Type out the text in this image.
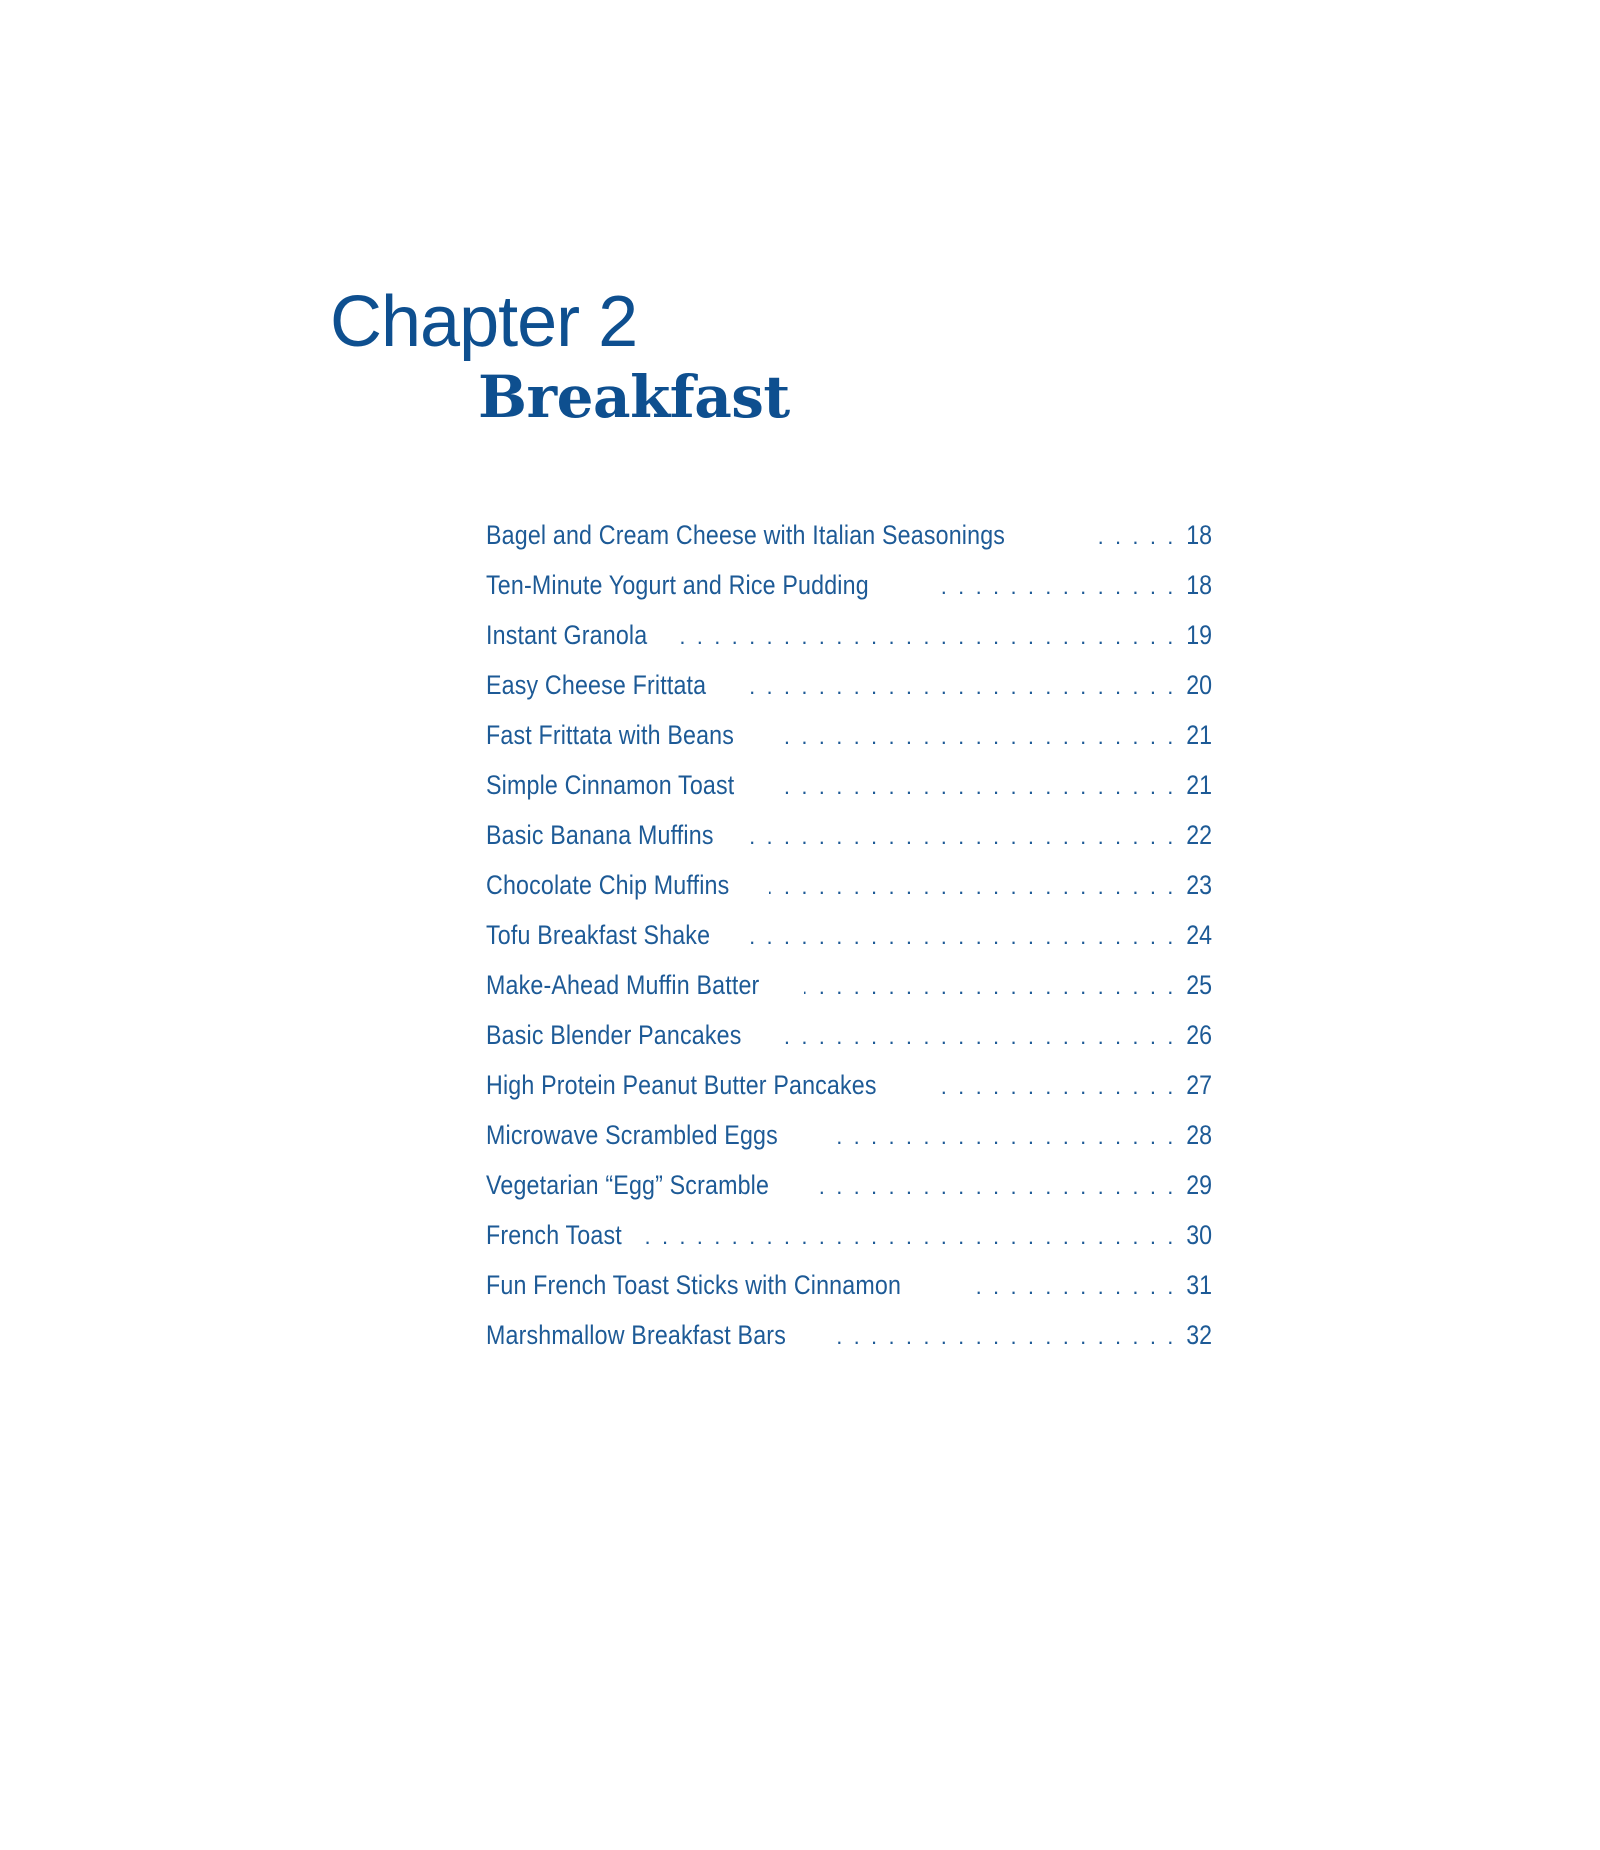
Chapter 2
Breakfast
Bagel and Cream Cheese with Italian Seasonings . . .	18
Ten-Minute Yogurt and Rice Pudding . . .	18
Instant Granola . . .	19
Easy Cheese Frittata . . .	20
Fast Frittata with Beans . . .	21
Simple Cinnamon Toast . . .	21
Basic Banana Muffins . . .	22
Chocolate Chip Muffins . . .	23
Tofu Breakfast Shake . . .	24
Make-Ahead Muffin Batter . . .	25
Basic Blender Pancakes . . .	26
High Protein Peanut Butter Pancakes . . .	27
Microwave Scrambled Eggs . . .	28
Vegetarian “Egg” Scramble . . .	29
French Toast . . .	30
Fun French Toast Sticks with Cinnamon . . .	31
Marshmallow Breakfast Bars . . .	32
